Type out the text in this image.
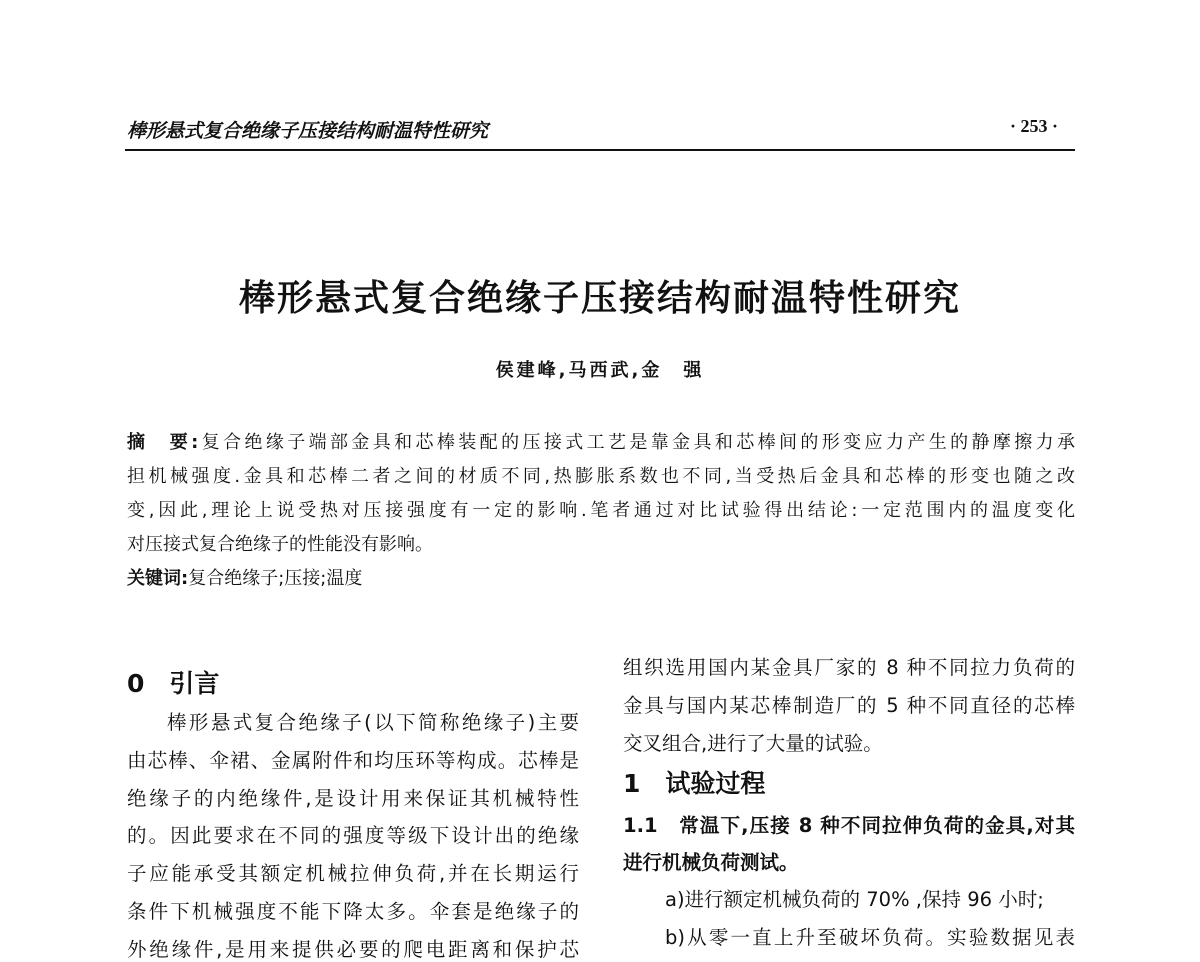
棒形悬式复合绝缘子压接结构耐温特性研究	· 253 ·
棒形悬式复合绝缘子压接结构耐温特性研究
侯建峰,马西武,金　强
摘　要:复合绝缘子端部金具和芯棒装配的压接式工艺是靠金具和芯棒间的形变应力产生的静摩擦力承
担机械强度.金具和芯棒二者之间的材质不同,热膨胀系数也不同,当受热后金具和芯棒的形变也随之改
变,因此,理论上说受热对压接强度有一定的影响.笔者通过对比试验得出结论:一定范围内的温度变化
对压接式复合绝缘子的性能没有影响。
关键词:复合绝缘子;压接;温度
0　引言
棒形悬式复合绝缘子(以下简称绝缘子)主要
由芯棒、伞裙、金属附件和均压环等构成。芯棒是
绝缘子的内绝缘件,是设计用来保证其机械特性
的。因此要求在不同的强度等级下设计出的绝缘
子应能承受其额定机械拉伸负荷,并在长期运行
条件下机械强度不能下降太多。伞套是绝缘子的
外绝缘件,是用来提供必要的爬电距离和保护芯
组织选用国内某金具厂家的 8 种不同拉力负荷的
金具与国内某芯棒制造厂的 5 种不同直径的芯棒
交叉组合,进行了大量的试验。
1　试验过程
1.1　常温下,压接 8 种不同拉伸负荷的金具,对其
进行机械负荷测试。
a)进行额定机械负荷的 70% ,保持 96 小时;
b)从零一直上升至破坏负荷。实验数据见表
